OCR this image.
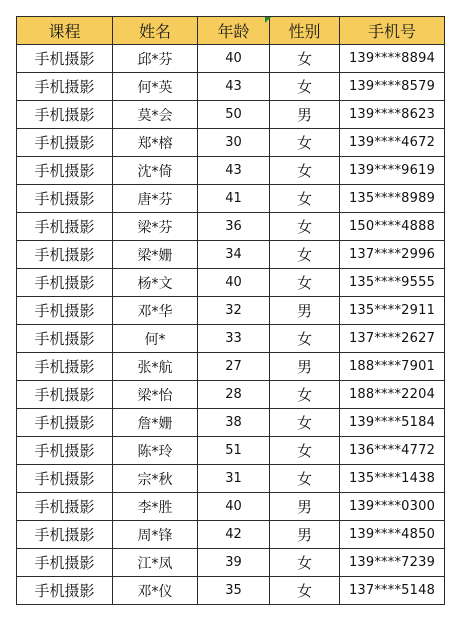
课程	姓名	年龄	性别	手机号
手机摄影	邱*芬	40	女	139****8894
手机摄影	何*英	43	女	139****8579
手机摄影	莫*会	50	男	139****8623
手机摄影	郑*榕	30	女	139****4672
手机摄影	沈*倚	43	女	139****9619
手机摄影	唐*芬	41	女	135****8989
手机摄影	梁*芬	36	女	150****4888
手机摄影	梁*姗	34	女	137****2996
手机摄影	杨*文	40	女	135****9555
手机摄影	邓*华	32	男	135****2911
手机摄影	何*	33	女	137****2627
手机摄影	张*航	27	男	188****7901
手机摄影	梁*怡	28	女	188****2204
手机摄影	詹*姗	38	女	139****5184
手机摄影	陈*玲	51	女	136****4772
手机摄影	宗*秋	31	女	135****1438
手机摄影	李*胜	40	男	139****0300
手机摄影	周*锋	42	男	139****4850
手机摄影	江*凤	39	女	139****7239
手机摄影	邓*仪	35	女	137****5148
